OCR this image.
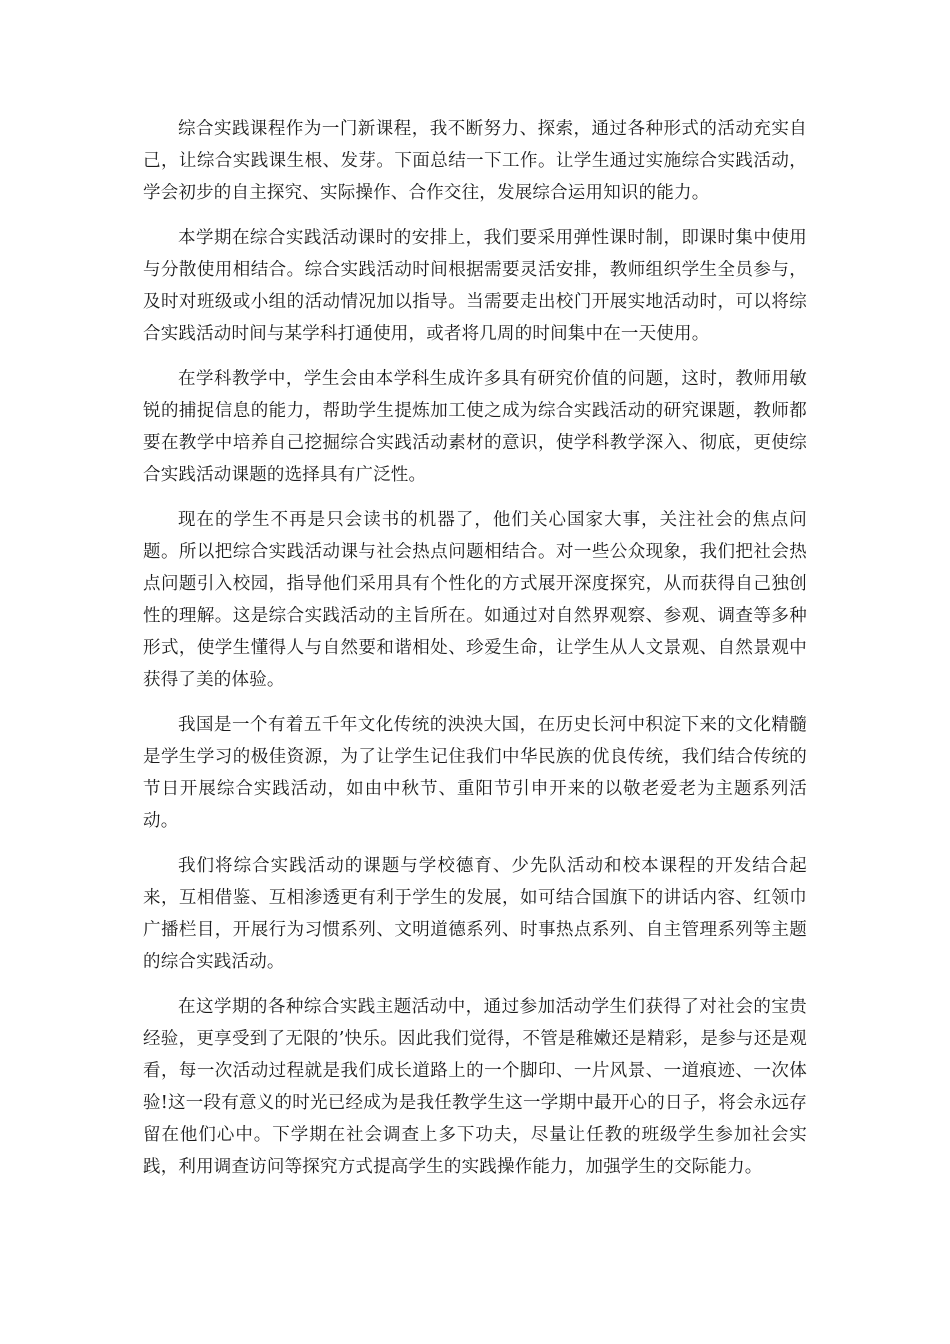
综合实践课程作为一门新课程，我不断努力、探索，通过各种形式的活动充实自己，让综合实践课生根、发芽。下面总结一下工作。让学生通过实施综合实践活动，学会初步的自主探究、实际操作、合作交往，发展综合运用知识的能力。

本学期在综合实践活动课时的安排上，我们要采用弹性课时制，即课时集中使用与分散使用相结合。综合实践活动时间根据需要灵活安排，教师组织学生全员参与，及时对班级或小组的活动情况加以指导。当需要走出校门开展实地活动时，可以将综合实践活动时间与某学科打通使用，或者将几周的时间集中在一天使用。

在学科教学中，学生会由本学科生成许多具有研究价值的问题，这时，教师用敏锐的捕捉信息的能力，帮助学生提炼加工使之成为综合实践活动的研究课题，教师都要在教学中培养自己挖掘综合实践活动素材的意识，使学科教学深入、彻底，更使综合实践活动课题的选择具有广泛性。

现在的学生不再是只会读书的机器了，他们关心国家大事，关注社会的焦点问题。所以把综合实践活动课与社会热点问题相结合。对一些公众现象，我们把社会热点问题引入校园，指导他们采用具有个性化的方式展开深度探究，从而获得自己独创性的理解。这是综合实践活动的主旨所在。如通过对自然界观察、参观、调查等多种形式，使学生懂得人与自然要和谐相处、珍爱生命，让学生从人文景观、自然景观中获得了美的体验。

我国是一个有着五千年文化传统的泱泱大国，在历史长河中积淀下来的文化精髓是学生学习的极佳资源，为了让学生记住我们中华民族的优良传统，我们结合传统的节日开展综合实践活动，如由中秋节、重阳节引申开来的以敬老爱老为主题系列活动。

我们将综合实践活动的课题与学校德育、少先队活动和校本课程的开发结合起来，互相借鉴、互相渗透更有利于学生的发展，如可结合国旗下的讲话内容、红领巾广播栏目，开展行为习惯系列、文明道德系列、时事热点系列、自主管理系列等主题的综合实践活动。

在这学期的各种综合实践主题活动中，通过参加活动学生们获得了对社会的宝贵经验，更享受到了无限的’快乐。因此我们觉得，不管是稚嫩还是精彩，是参与还是观看，每一次活动过程就是我们成长道路上的一个脚印、一片风景、一道痕迹、一次体验!这一段有意义的时光已经成为是我任教学生这一学期中最开心的日子，将会永远存留在他们心中。下学期在社会调查上多下功夫，尽量让任教的班级学生参加社会实践，利用调查访问等探究方式提高学生的实践操作能力，加强学生的交际能力。
